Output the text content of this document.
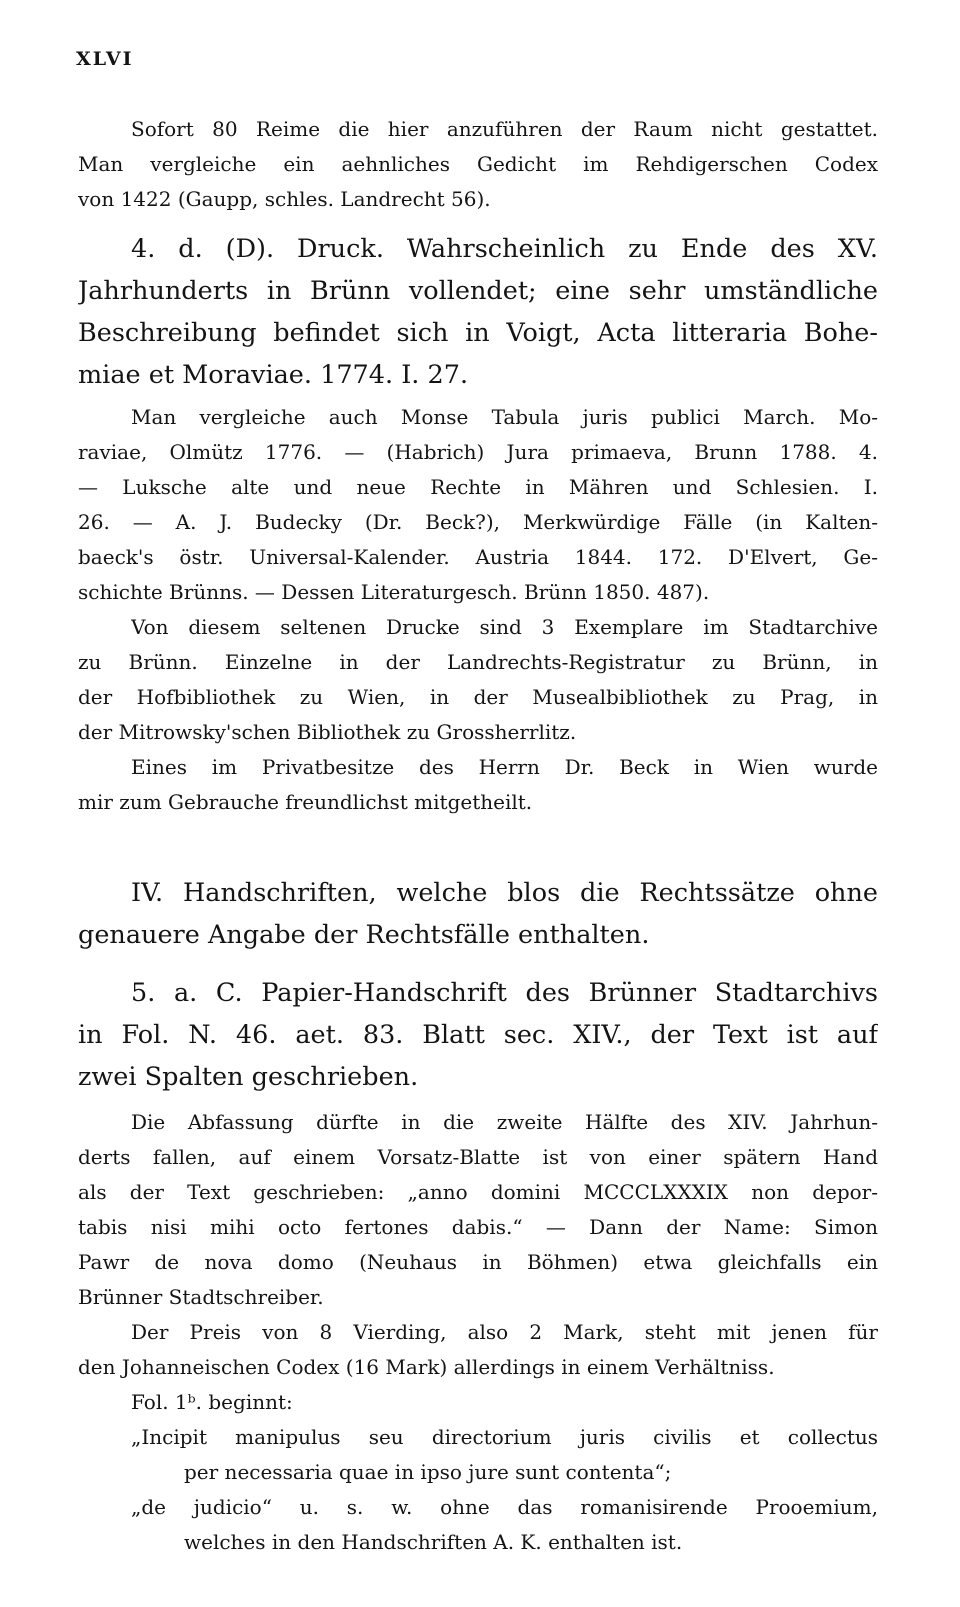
XLVI
Sofort 80 Reime die hier anzuführen der Raum nicht gestattet.
Man vergleiche ein aehnliches Gedicht im Rehdigerschen Codex
von 1422 (Gaupp, schles. Landrecht 56).
4. d. (D). Druck. Wahrscheinlich zu Ende des XV.
Jahrhunderts in Brünn vollendet; eine sehr umständliche
Beschreibung befindet sich in Voigt, Acta litteraria Bohe-
miae et Moraviae. 1774. I. 27.
Man vergleiche auch Monse Tabula juris publici March. Mo-
raviae, Olmütz 1776. — (Habrich) Jura primaeva, Brunn 1788. 4.
— Luksche alte und neue Rechte in Mähren und Schlesien. I.
26. — A. J. Budecky (Dr. Beck?), Merkwürdige Fälle (in Kalten-
baeck's östr. Universal-Kalender. Austria 1844. 172. D'Elvert, Ge-
schichte Brünns. — Dessen Literaturgesch. Brünn 1850. 487).
Von diesem seltenen Drucke sind 3 Exemplare im Stadtarchive
zu Brünn. Einzelne in der Landrechts-Registratur zu Brünn, in
der Hofbibliothek zu Wien, in der Musealbibliothek zu Prag, in
der Mitrowsky'schen Bibliothek zu Grossherrlitz.
Eines im Privatbesitze des Herrn Dr. Beck in Wien wurde
mir zum Gebrauche freundlichst mitgetheilt.
IV. Handschriften, welche blos die Rechtssätze ohne
genauere Angabe der Rechtsfälle enthalten.
5. a. C. Papier-Handschrift des Brünner Stadtarchivs
in Fol. N. 46. aet. 83. Blatt sec. XIV., der Text ist auf
zwei Spalten geschrieben.
Die Abfassung dürfte in die zweite Hälfte des XIV. Jahrhun-
derts fallen, auf einem Vorsatz-Blatte ist von einer spätern Hand
als der Text geschrieben: „anno domini MCCCLXXXIX non depor-
tabis nisi mihi octo fertones dabis.“ — Dann der Name: Simon
Pawr de nova domo (Neuhaus in Böhmen) etwa gleichfalls ein
Brünner Stadtschreiber.
Der Preis von 8 Vierding, also 2 Mark, steht mit jenen für
den Johanneischen Codex (16 Mark) allerdings in einem Verhältniss.
Fol. 1ᵇ. beginnt:
„Incipit manipulus seu directorium juris civilis et collectus
per necessaria quae in ipso jure sunt contenta“;
„de judicio“ u. s. w. ohne das romanisirende Prooemium,
welches in den Handschriften A. K. enthalten ist.
